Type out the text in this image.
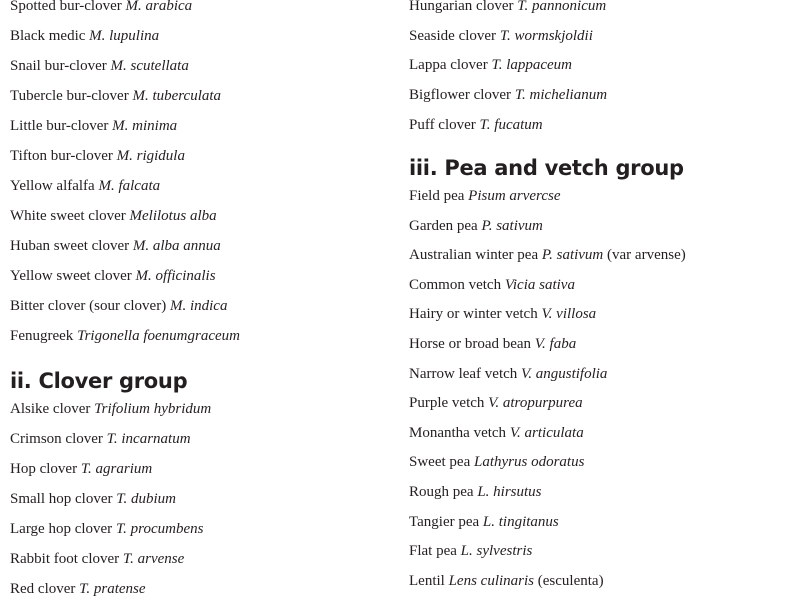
Spotted bur-clover M. arabica
Black medic M. lupulina
Snail bur-clover M. scutellata
Tubercle bur-clover M. tuberculata
Little bur-clover M. minima
Tifton bur-clover M. rigidula
Yellow alfalfa M. falcata
White sweet clover Melilotus alba
Huban sweet clover M. alba annua
Yellow sweet clover M. officinalis
Bitter clover (sour clover) M. indica
Fenugreek Trigonella foenumgraceum
ii. Clover group
Alsike clover Trifolium hybridum
Crimson clover T. incarnatum
Hop clover T. agrarium
Small hop clover T. dubium
Large hop clover T. procumbens
Rabbit foot clover T. arvense
Red clover T. pratense
Hungarian clover T. pannonicum
Seaside clover T. wormskjoldii
Lappa clover T. lappaceum
Bigflower clover T. michelianum
Puff clover T. fucatum
iii. Pea and vetch group
Field pea Pisum arvercse
Garden pea P. sativum
Australian winter pea P. sativum (var arvense)
Common vetch Vicia sativa
Hairy or winter vetch V. villosa
Horse or broad bean V. faba
Narrow leaf vetch V. angustifolia
Purple vetch V. atropurpurea
Monantha vetch V. articulata
Sweet pea Lathyrus odoratus
Rough pea L. hirsutus
Tangier pea L. tingitanus
Flat pea L. sylvestris
Lentil Lens culinaris (esculenta)
